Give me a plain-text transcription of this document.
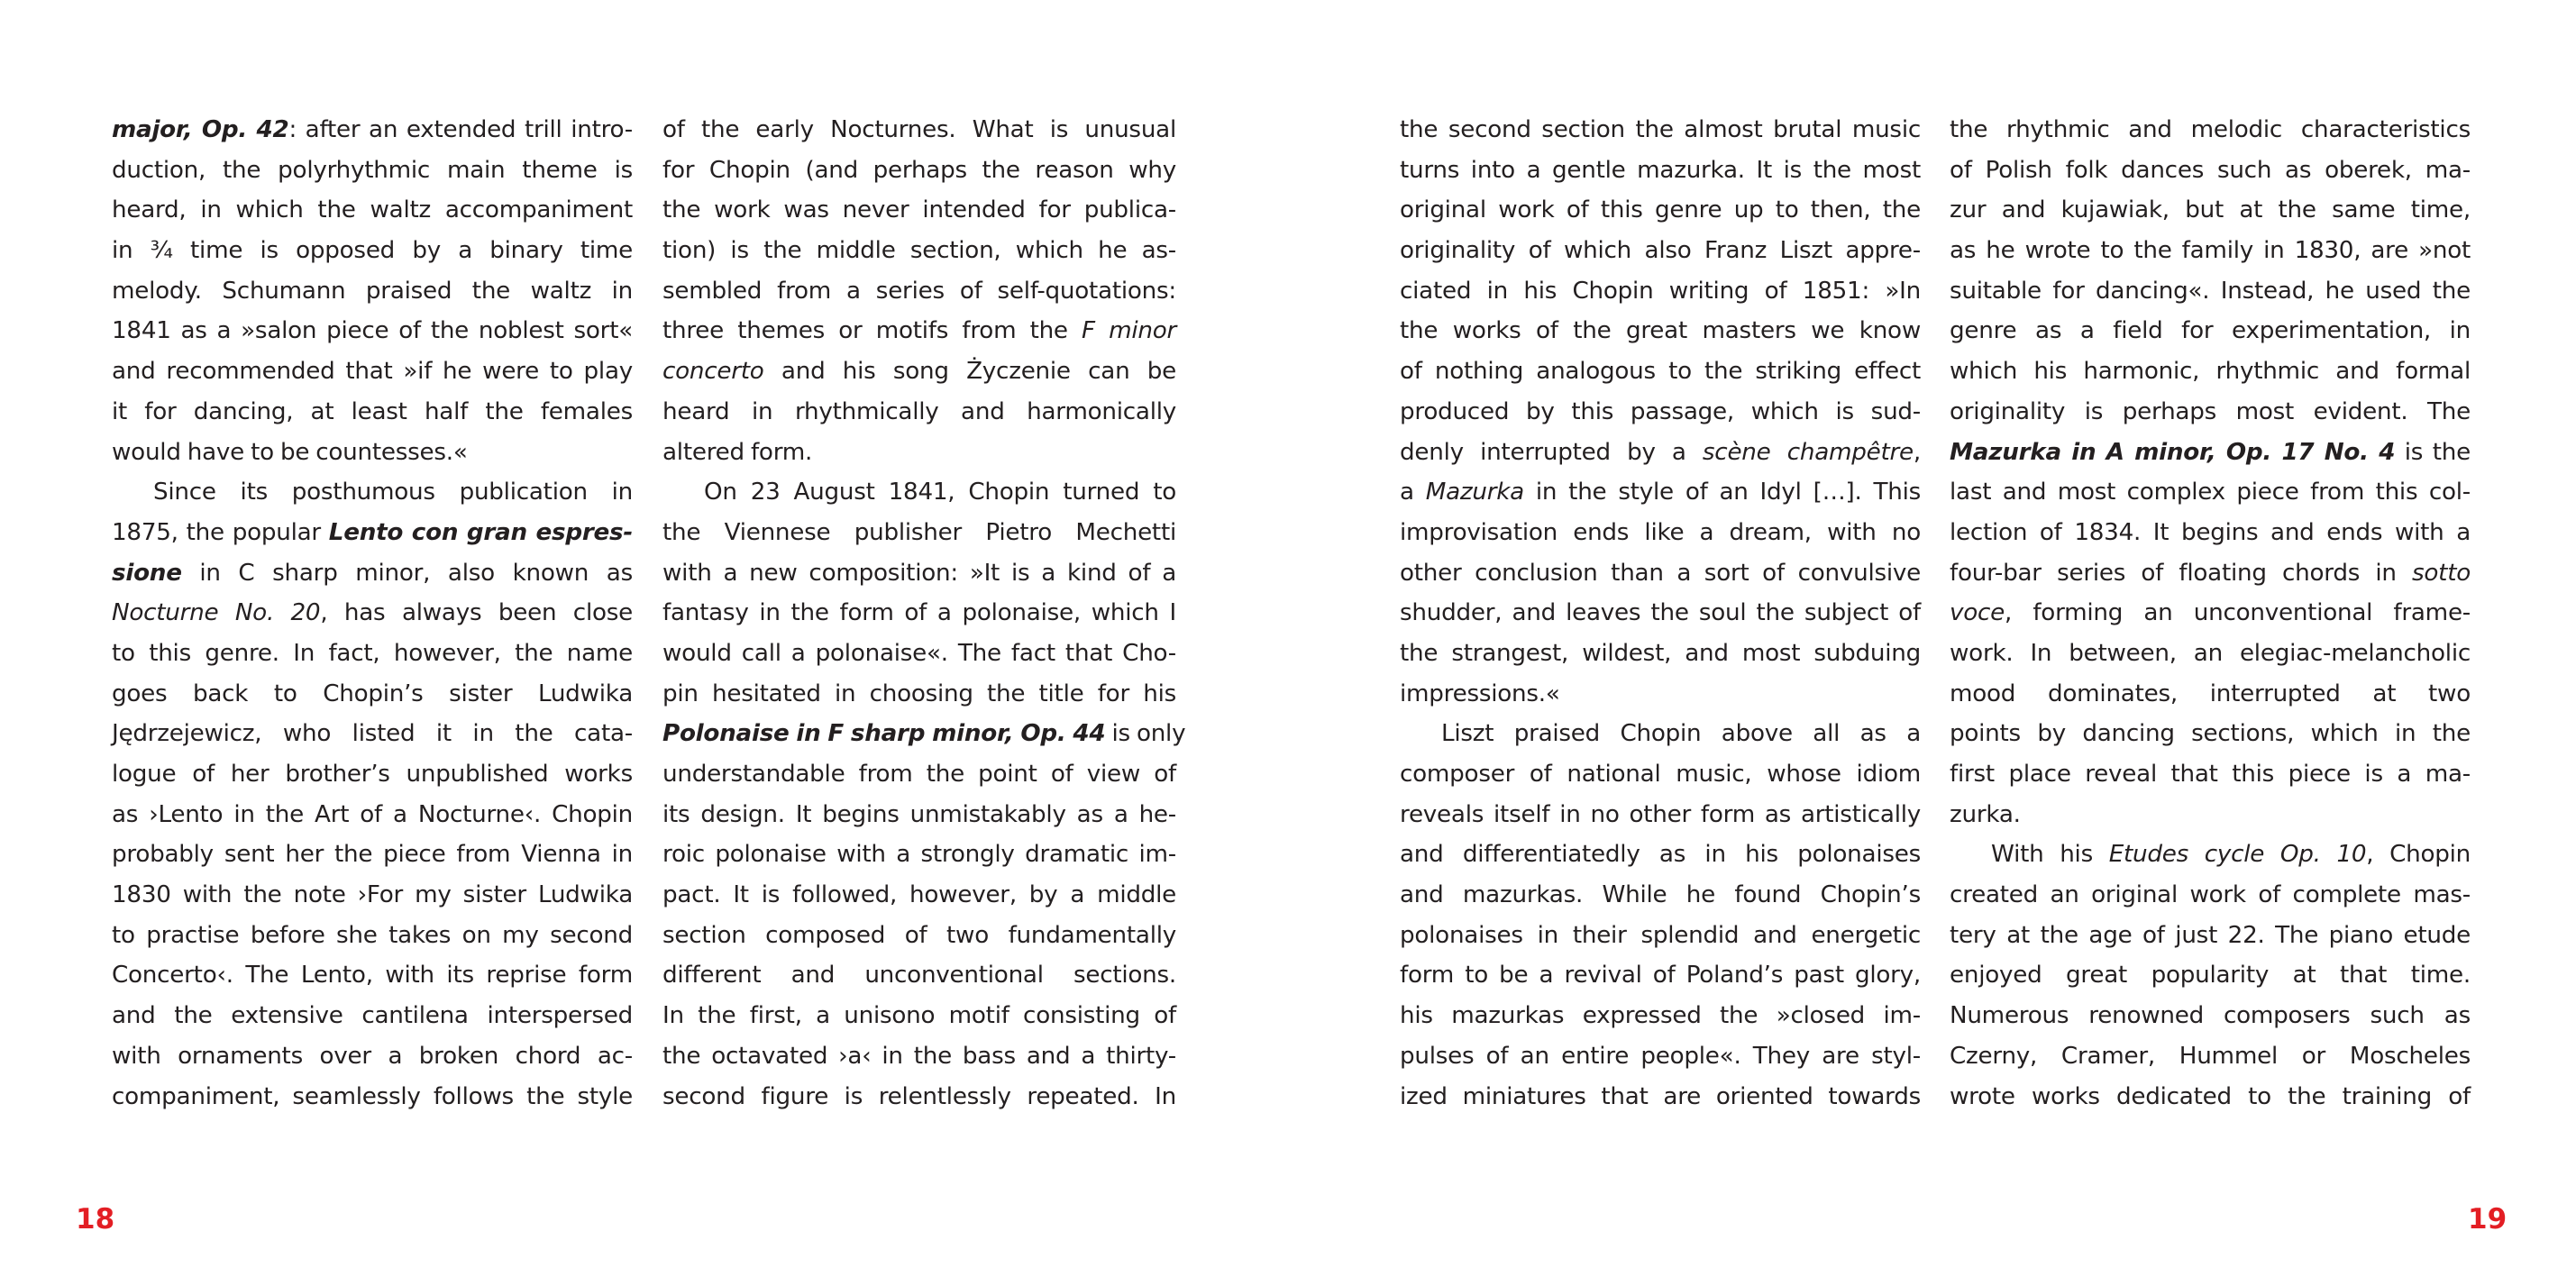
major, Op. 42: after an extended trill intro-
duction, the polyrhythmic main theme is
heard, in which the waltz accompaniment
in ¾ time is opposed by a binary time
melody. Schumann praised the waltz in
1841 as a »salon piece of the noblest sort«
and recommended that »if he were to play
it for dancing, at least half the females
would have to be countesses.«
Since its posthumous publication in
1875, the popular Lento con gran espres-
sione in C sharp minor, also known as
Nocturne No. 20, has always been close
to this genre. In fact, however, the name
goes back to Chopin’s sister Ludwika
Jędrzejewicz, who listed it in the cata-
logue of her brother’s unpublished works
as ›Lento in the Art of a Nocturne‹. Chopin
probably sent her the piece from Vienna in
1830 with the note ›For my sister Ludwika
to practise before she takes on my second
Concerto‹. The Lento, with its reprise form
and the extensive cantilena interspersed
with ornaments over a broken chord ac-
companiment, seamlessly follows the style
of the early Nocturnes. What is unusual
for Chopin (and perhaps the reason why
the work was never intended for publica-
tion) is the middle section, which he as-
sembled from a series of self-quotations:
three themes or motifs from the F minor
concerto and his song Życzenie can be
heard in rhythmically and harmonically
altered form.
On 23 August 1841, Chopin turned to
the Viennese publisher Pietro Mechetti
with a new composition: »It is a kind of a
fantasy in the form of a polonaise, which I
would call a polonaise«. The fact that Cho-
pin hesitated in choosing the title for his
Polonaise in F sharp minor, Op. 44 is only
understandable from the point of view of
its design. It begins unmistakably as a he-
roic polonaise with a strongly dramatic im-
pact. It is followed, however, by a middle
section composed of two fundamentally
different and unconventional sections.
In the first, a unisono motif consisting of
the octavated ›a‹ in the bass and a thirty-
second figure is relentlessly repeated. In
18
the second section the almost brutal music
turns into a gentle mazurka. It is the most
original work of this genre up to then, the
originality of which also Franz Liszt appre-
ciated in his Chopin writing of 1851: »In
the works of the great masters we know
of nothing analogous to the striking effect
produced by this passage, which is sud-
denly interrupted by a scène champêtre,
a Mazurka in the style of an Idyl […]. This
improvisation ends like a dream, with no
other conclusion than a sort of convulsive
shudder, and leaves the soul the subject of
the strangest, wildest, and most subduing
impressions.«
Liszt praised Chopin above all as a
composer of national music, whose idiom
reveals itself in no other form as artistically
and differentiatedly as in his polonaises
and mazurkas. While he found Chopin’s
polonaises in their splendid and energetic
form to be a revival of Poland’s past glory,
his mazurkas expressed the »closed im-
pulses of an entire people«. They are styl-
ized miniatures that are oriented towards
the rhythmic and melodic characteristics
of Polish folk dances such as oberek, ma-
zur and kujawiak, but at the same time,
as he wrote to the family in 1830, are »not
suitable for dancing«. Instead, he used the
genre as a field for experimentation, in
which his harmonic, rhythmic and formal
originality is perhaps most evident. The
Mazurka in A minor, Op. 17 No. 4 is the
last and most complex piece from this col-
lection of 1834. It begins and ends with a
four-bar series of floating chords in sotto
voce, forming an unconventional frame-
work. In between, an elegiac-melancholic
mood dominates, interrupted at two
points by dancing sections, which in the
first place reveal that this piece is a ma-
zurka.
With his Etudes cycle Op. 10, Chopin
created an original work of complete mas-
tery at the age of just 22. The piano etude
enjoyed great popularity at that time.
Numerous renowned composers such as
Czerny, Cramer, Hummel or Moscheles
wrote works dedicated to the training of
19
